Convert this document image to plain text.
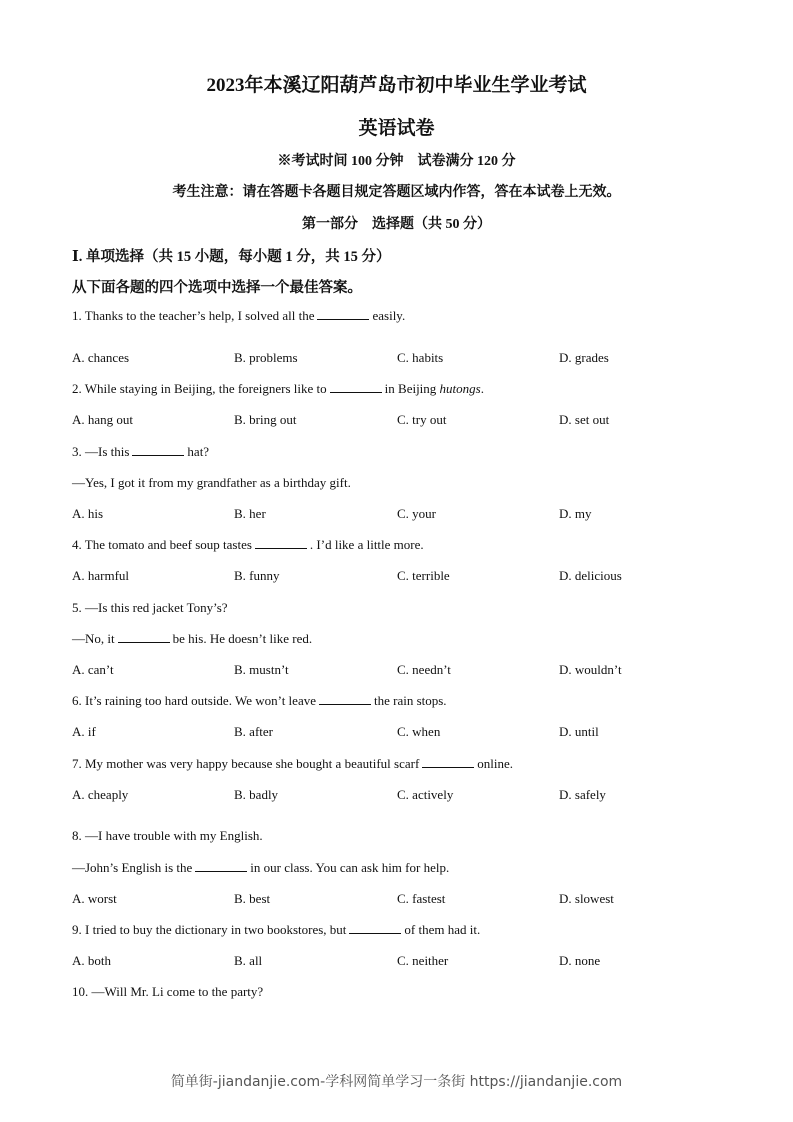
2023年本溪辽阳葫芦岛市初中毕业生学业考试
英语试卷
※考试时间 100 分钟　试卷满分 120 分
考生注意：请在答题卡各题目规定答题区域内作答，答在本试卷上无效。
第一部分　选择题（共 50 分）
Ⅰ. 单项选择（共 15 小题，每小题 1 分，共 15 分）
从下面各题的四个选项中选择一个最佳答案。
1. Thanks to the teacher’s help, I solved all the	easily.
A. chances	B. problems	C. habits	D. grades
2. While staying in Beijing, the foreigners like to	in Beijing hutongs.
A. hang out	B. bring out	C. try out	D. set out
3. —Is this	hat?
—Yes, I got it from my grandfather as a birthday gift.
A. his	B. her	C. your	D. my
4. The tomato and beef soup tastes	. I’d like a little more.
A. harmful	B. funny	C. terrible	D. delicious
5. —Is this red jacket Tony’s?
—No, it	be his. He doesn’t like red.
A. can’t	B. mustn’t	C. needn’t	D. wouldn’t
6. It’s raining too hard outside. We won’t leave	the rain stops.
A. if	B. after	C. when	D. until
7. My mother was very happy because she bought a beautiful scarf	online.
A. cheaply	B. badly	C. actively	D. safely
8. —I have trouble with my English.
—John’s English is the	in our class. You can ask him for help.
A. worst	B. best	C. fastest	D. slowest
9. I tried to buy the dictionary in two bookstores, but	of them had it.
A. both	B. all	C. neither	D. none
10. —Will Mr. Li come to the party?
简单街-jiandanjie.com-学科网简单学习一条街 https://jiandanjie.com
